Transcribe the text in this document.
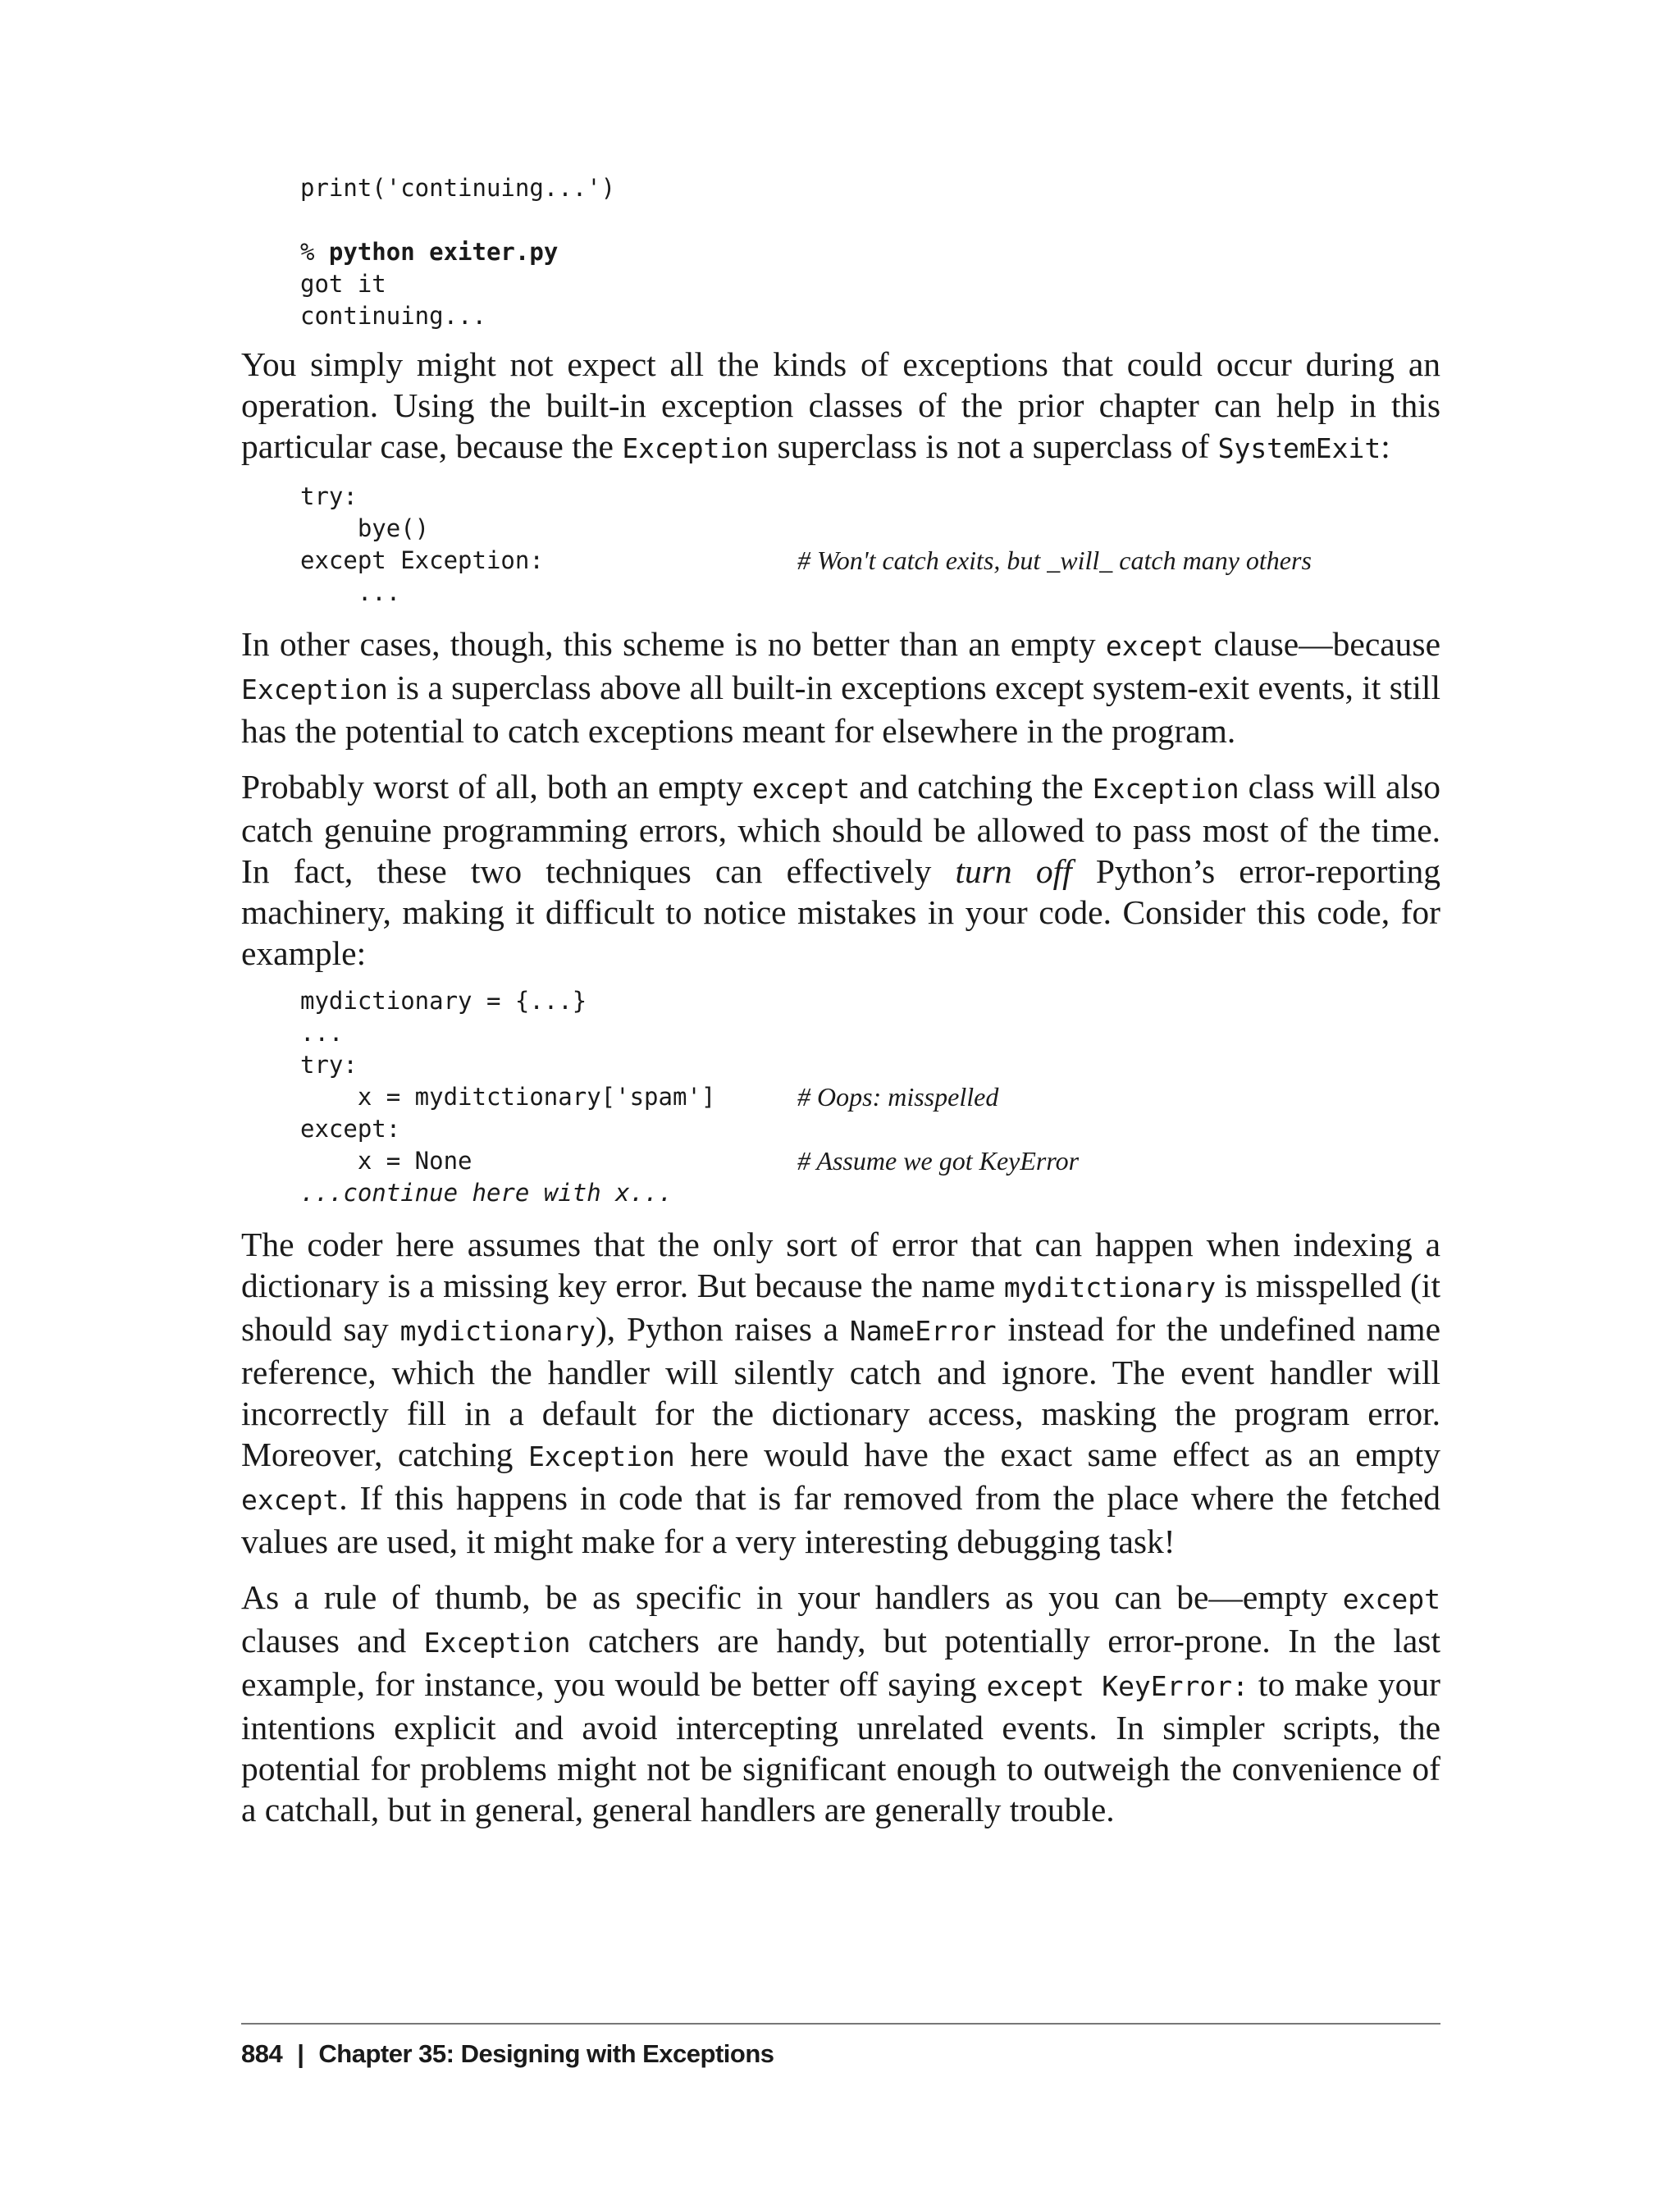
print('continuing...')
% python exiter.py
got it
continuing...

You simply might not expect all the kinds of exceptions that could occur during an operation. Using the built-in exception classes of the prior chapter can help in this particular case, because the Exception superclass is not a superclass of SystemExit:

try:
bye()
except Exception:	# Won't catch exits, but _will_ catch many others
...

In other cases, though, this scheme is no better than an empty except clause—because Exception is a superclass above all built-in exceptions except system-exit events, it still has the potential to catch exceptions meant for elsewhere in the program.

Probably worst of all, both an empty except and catching the Exception class will also catch genuine programming errors, which should be allowed to pass most of the time. In fact, these two techniques can effectively turn off Python’s error-reporting machinery, making it difficult to notice mistakes in your code. Consider this code, for example:

mydictionary = {...}
...
try:
x = myditctionary['spam']	# Oops: misspelled
except:
x = None	# Assume we got KeyError
...continue here with x...

The coder here assumes that the only sort of error that can happen when indexing a dictionary is a missing key error. But because the name myditctionary is misspelled (it should say mydictionary), Python raises a NameError instead for the undefined name reference, which the handler will silently catch and ignore. The event handler will incorrectly fill in a default for the dictionary access, masking the program error. Moreover, catching Exception here would have the exact same effect as an empty except. If this happens in code that is far removed from the place where the fetched values are used, it might make for a very interesting debugging task!

As a rule of thumb, be as specific in your handlers as you can be—empty except clauses and Exception catchers are handy, but potentially error-prone. In the last example, for instance, you would be better off saying except KeyError: to make your intentions explicit and avoid intercepting unrelated events. In simpler scripts, the potential for problems might not be significant enough to outweigh the convenience of a catchall, but in general, general handlers are generally trouble.

884 | Chapter 35: Designing with Exceptions
